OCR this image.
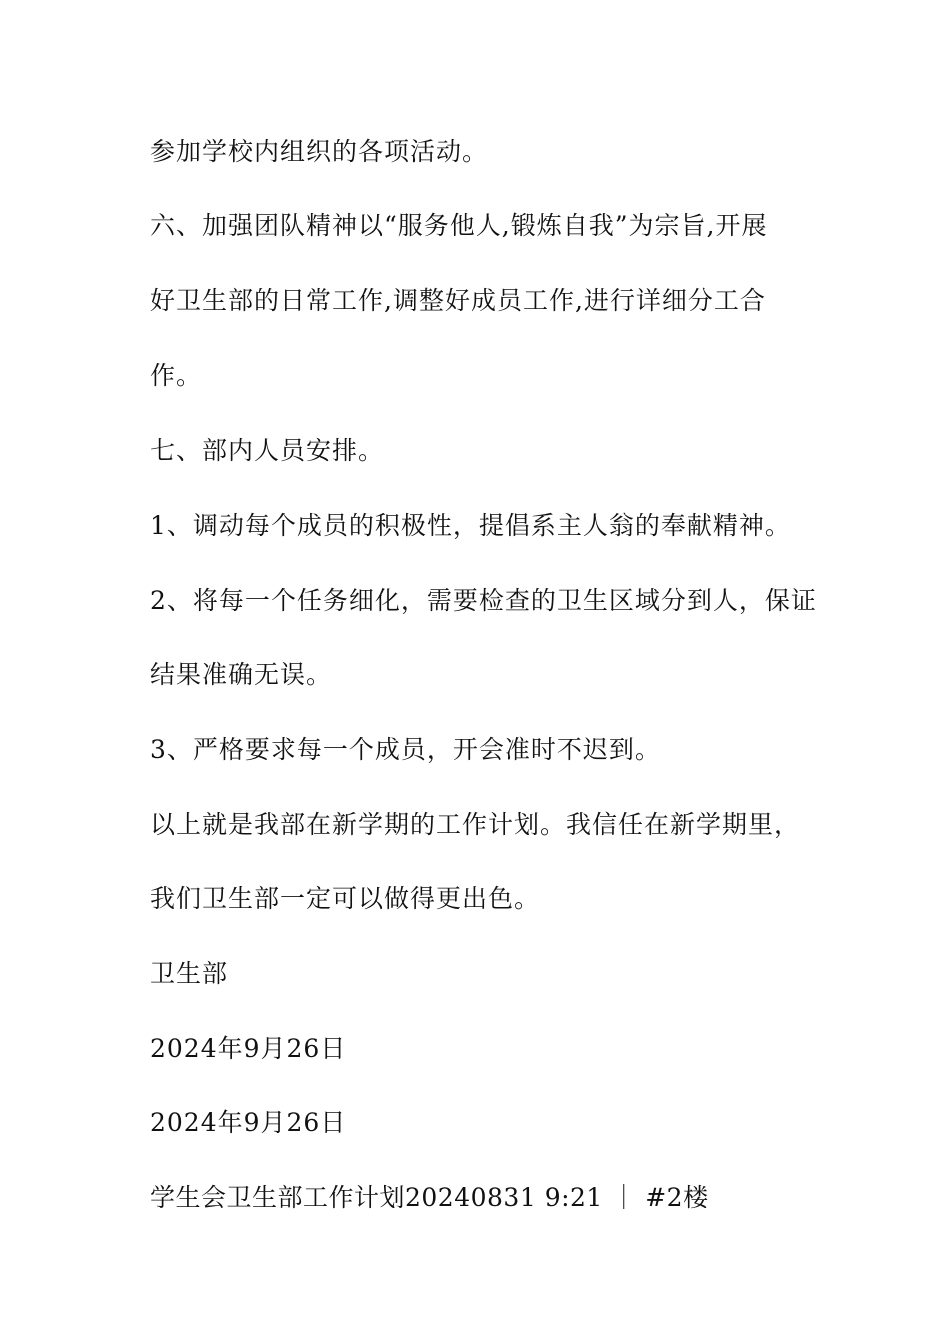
参加学校内组织的各项活动。

六、加强团队精神以“服务他人,锻炼自我”为宗旨,开展

好卫生部的日常工作,调整好成员工作,进行详细分工合

作。

七、部内人员安排。

1、调动每个成员的积极性，提倡系主人翁的奉献精神。

2、将每一个任务细化，需要检查的卫生区域分到人，保证

结果准确无误。

3、严格要求每一个成员，开会准时不迟到。

以上就是我部在新学期的工作计划。我信任在新学期里，

我们卫生部一定可以做得更出色。

卫生部

2024年9月26日

2024年9月26日

学生会卫生部工作计划20240831 9:21 ｜ #2楼
